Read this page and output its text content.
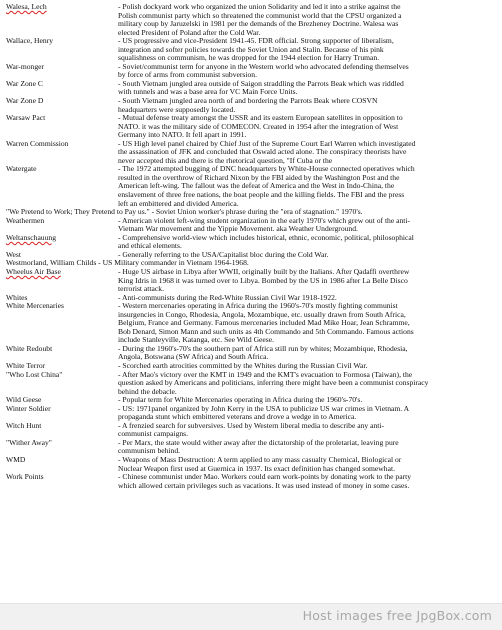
Walesa, Lech	- Polish dockyard work who organized the union Solidarity and led it into a strike against the
Polish communist party which so threatened the communist world that the CPSU organized a
military coup by Jaruzelski in 1981 per the demands of the Brezheney Doctrine. Walesa was
elected President of Poland after the Cold War.
Wallace, Henry	- US progressive and vice-President 1941-45. FDR official. Strong supporter of liberalism,
integration and softer policies towards the Soviet Union and Stalin. Because of his pink
squalishness on communism, he was dropped for the 1944 election for Harry Truman.
War-monger	- Soviet/communist term for anyone in the Western world who advocated defending themselves
by force of arms from communist subversion.
War Zone C	- South Vietnam jungled area outside of Saigon straddling the Parrots Beak which was riddled
with tunnels and was a base area for VC Main Force Units.
War Zone D	- South Vietnam jungled area north of and bordering the Parrots Beak where COSVN
headquarters were supposedly located.
Warsaw Pact	- Mutual defense treaty amongst the USSR and its eastern European satellites in opposition to
NATO. it was the military side of COMECON. Created in 1954 after the integration of West
Germany into NATO. It fell apart in 1991.
Warren Commission	- US High level panel chaired by Chief Just of the Supreme Court Earl Warren which investigated
the assassination of JFK and concluded that Oswald acted alone. The conspiracy theorists have
never accepted this and there is the rhetorical question, "If Cuba or the
Watergate	- The 1972 attempted bugging of DNC headquarters by White-House connected operatives which
resulted in the overthrow of Richard Nixon by the FBI aided by the Washington Post and the
American left-wing. The fallout was the defeat of America and the West in Indo-China, the
enslavement of three free nations, the boat people and the killing fields. The FBI and the press
left an embittered and divided America.
"We Pretend to Work; They Pretend to Pay us." - Soviet Union worker's phrase during the "era of stagnation." 1970's.
Weathermen	- American violent left-wing student organization in the early 1970's which grew out of the anti-
Vietnam War movement and the Yippie Movement. aka Weather Underground.
Weltanschauung	- Comprehensive world-view which includes historical, ethnic, economic, political, philosophical
and ethical elements.
West	- Generally referring to the USA/Capitalist bloc during the Cold War.
Westmorland, William Childs - US Military commander in Vietnam 1964-1968.
Wheelus Air Base	- Huge US airbase in Libya after WWII, originally built by the Italians. After Qadaffi overthrew
King Idris in 1968 it was turned over to Libya. Bombed by the US in 1986 after La Belle Disco
terrorist attack.
Whites	- Anti-communists during the Red-White Russian Civil War 1918-1922.
White Mercenaries	- Western mercenaries operating in Africa during the 1960's-70's mostly fighting communist
insurgencies in Congo, Rhodesia, Angola, Mozambique, etc. usually drawn from South Africa,
Belgium, France and Germany. Famous mercenaries included Mad Mike Hoar, Jean Schramme,
Bob Denard, Simon Mann and such units as 4th Commando and 5th Commando. Famous actions
include Stanleyville, Katanga, etc. See Wild Geese.
White Redoubt	- During the 1960's-70's the southern part of Africa still run by whites; Mozambique, Rhodesia,
Angola, Botswana (SW Africa) and South Africa.
White Terror	- Scorched earth atrocities committed by the Whites during the Russian Civil War.
"Who Lost China"	- After Mao's victory over the KMT in 1949 and the KMT's evacuation to Formosa (Taiwan), the
question asked by Americans and politicians, inferring there might have been a communist conspiracy
behind the debacle.
Wild Geese	- Popular term for White Mercenaries operating in Africa during the 1960's-70's.
Winter Soldier	- US: 1971panel organized by John Kerry in the USA to publicize US war crimes in Vietnam. A
propaganda stunt which embittered veterans and drove a wedge in to America.
Witch Hunt	- A frenzied search for subversives. Used by Western liberal media to describe any anti-
communist campaigns.
"Wither Away"	- Per Marx, the state would wither away after the dictatorship of the proletariat, leaving pure
communism behind.
WMD	- Weapons of Mass Destruction: A term applied to any mass casualty Chemical, Biological or
Nuclear Weapon first used at Guernica in 1937. Its exact definition has changed somewhat.
Work Points	- Chinese communist under Mao. Workers could earn work-points by donating work to the party
which allowed certain privileges such as vacations. It was used instead of money in some cases.
Host images free JpgBox.com
